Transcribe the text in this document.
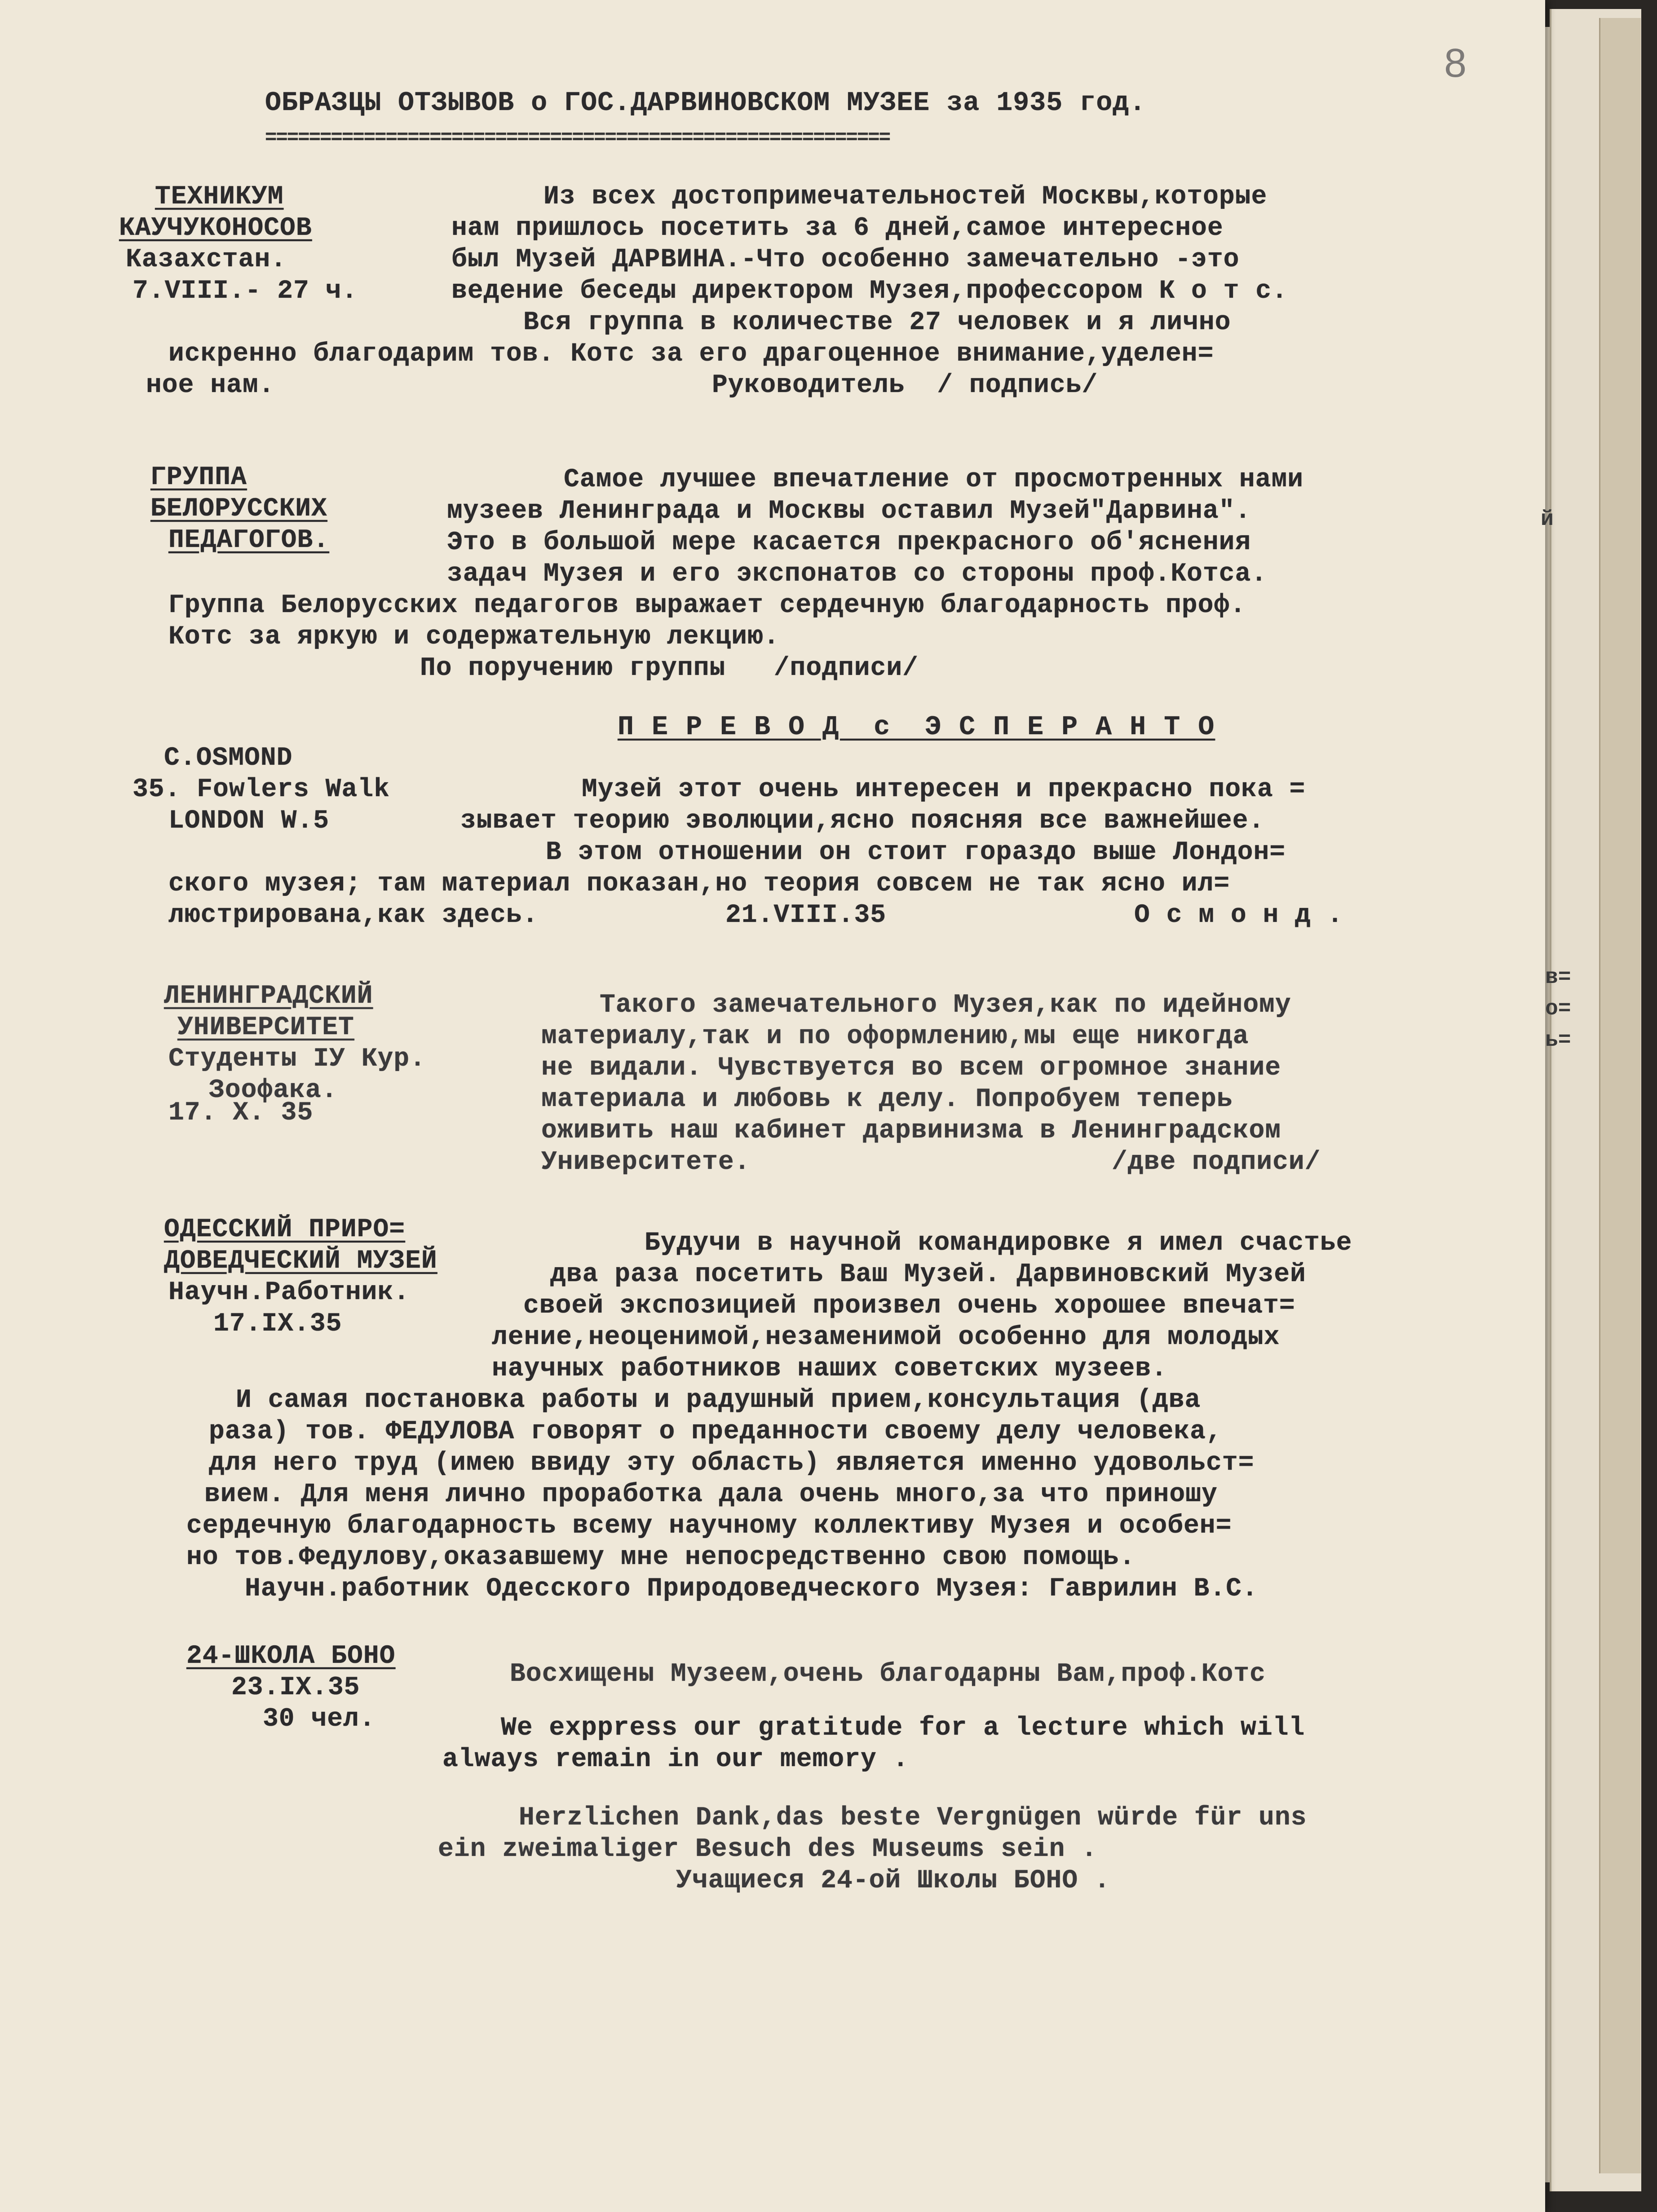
8
ОБРАЗЦЫ ОТЗЫВОВ о ГОС.ДАРВИНОВСКОМ МУЗЕЕ за 1935 год.
=========================================================
ТЕХНИКУМ
КАУЧУКОНОСОВ
Казахстан.
7.VIII.- 27 ч.
Из всех достопримечательностей Москвы,которые
нам пришлось посетить за 6 дней,самое интересное
был Музей ДАРВИНА.-Что особенно замечательно -это
ведение беседы директором Музея,профессором К о т с.
Вся группа в количестве 27 человек и я лично
искренно благодарим тов. Котс за его драгоценное внимание,уделен=
ное нам.	Руководитель  / подпись/
ГРУППА
БЕЛОРУССКИХ
ПЕДАГОГОВ.
Самое лучшее впечатление от просмотренных нами
музеев Ленинграда и Москвы оставил Музей"Дарвина".
Это в большой мере касается прекрасного об'яснения
задач Музея и его экспонатов со стороны проф.Котса.
Группа Белорусских педагогов выражает сердечную благодарность проф.
Котс за яркую и содержательную лекцию.
По поручению группы   /подписи/
П Е Р Е В О Д  с  Э С П Е Р А Н Т О
C.OSMOND
35. Fowlers Walk
LONDON W.5
Музей этот очень интересен и прекрасно пока =
зывает теорию эволюции,ясно поясняя все важнейшее.
В этом отношении он стоит гораздо выше Лондон=
ского музея; там материал показан,но теория совсем не так ясно ил=
люстрирована,как здесь.	21.VIII.35	О с м о н д .
ЛЕНИНГРАДСКИЙ
УНИВЕРСИТЕТ
Студенты IУ Кур.
Зоофака.
17. X. 35
Такого замечательного Музея,как по идейному
материалу,так и по оформлению,мы еще никогда
не видали. Чувствуется во всем огромное знание
материала и любовь к делу. Попробуем теперь
оживить наш кабинет дарвинизма в Ленинградском
Университете.	/две подписи/
ОДЕССКИЙ ПРИРО=
ДОВЕДЧЕСКИЙ МУЗЕЙ
Научн.Работник.
17.IX.35
Будучи в научной командировке я имел счастье
два раза посетить Ваш Музей. Дарвиновский Музей
своей экспозицией произвел очень хорошее впечат=
ление,неоценимой,незаменимой особенно для молодых
научных работников наших советских музеев.
И самая постановка работы и радушный прием,консультация (два
раза) тов. ФЕДУЛОВА говорят о преданности своему делу человека,
для него труд (имею ввиду эту область) является именно удовольст=
вием. Для меня лично проработка дала очень много,за что приношу
сердечную благодарность всему научному коллективу Музея и особен=
но тов.Федулову,оказавшему мне непосредственно свою помощь.
Научн.работник Одесского Природоведческого Музея: Гаврилин В.С.
24-ШКОЛА БОНО
23.IX.35
30 чел.
Восхищены Музеем,очень благодарны Вам,проф.Котс
We exppress our gratitude for a lecture which will
always remain in our memory .
Herzlichen Dank,das beste Vergnügen würde für uns
ein zweimaliger Besuch des Museums sein .
Учащиеся 24-ой Школы БОНО .
й
в=
о=
ь=
